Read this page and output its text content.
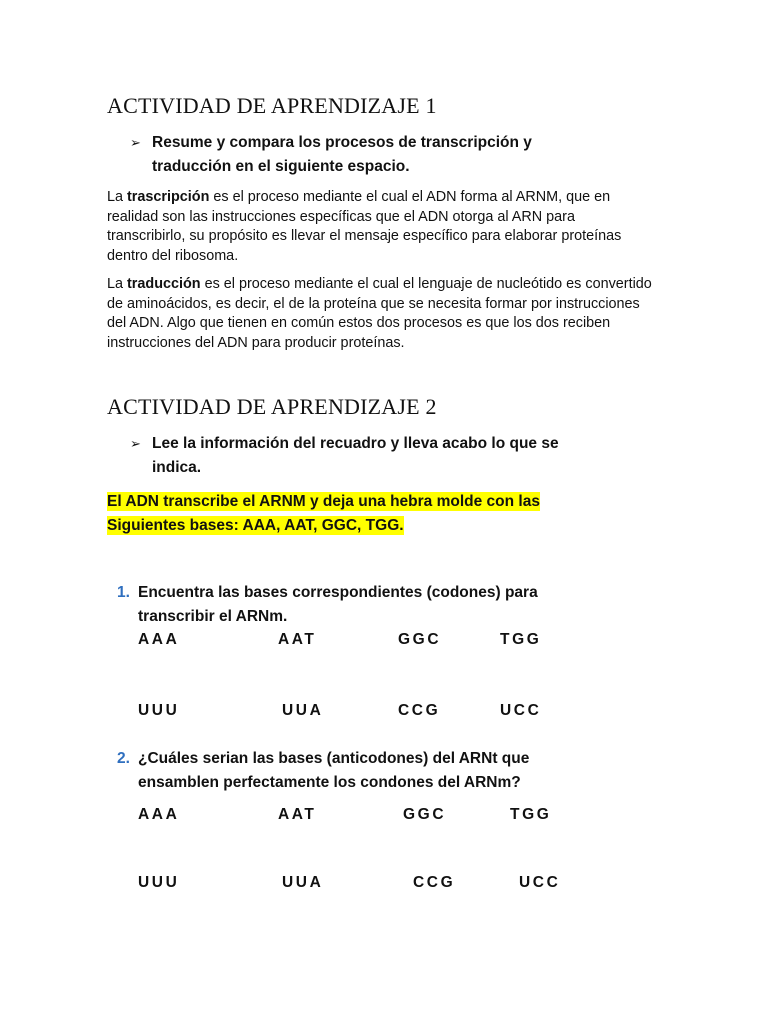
ACTIVIDAD DE APRENDIZAJE 1
➢ Resume y compara los procesos de transcripción y
traducción en el siguiente espacio.

La trascripción es el proceso mediante el cual el ADN forma al ARNM, que en realidad son las instrucciones específicas que el ADN otorga al ARN para transcribirlo, su propósito es llevar el mensaje específico para elaborar proteínas dentro del ribosoma.

La traducción es el proceso mediante el cual el lenguaje de nucleótido es convertido de aminoácidos, es decir, el de la proteína que se necesita formar por instrucciones del ADN. Algo que tienen en común estos dos procesos es que los dos reciben instrucciones del ADN para producir proteínas.

ACTIVIDAD DE APRENDIZAJE 2
➢ Lee la información del recuadro y lleva acabo lo que se
indica.
El ADN transcribe el ARNM y deja una hebra molde con las
Siguientes bases: AAA, AAT, GGC, TGG.
1. Encuentra las bases correspondientes (codones) para
transcribir el ARNm.
AAA	AAT	GGC	TGG
UUU	UUA	CCG	UCC
2. ¿Cuáles serian las bases (anticodones) del ARNt que
ensamblen perfectamente los condones del ARNm?
AAA	AAT	GGC	TGG
UUU	UUA	CCG	UCC
